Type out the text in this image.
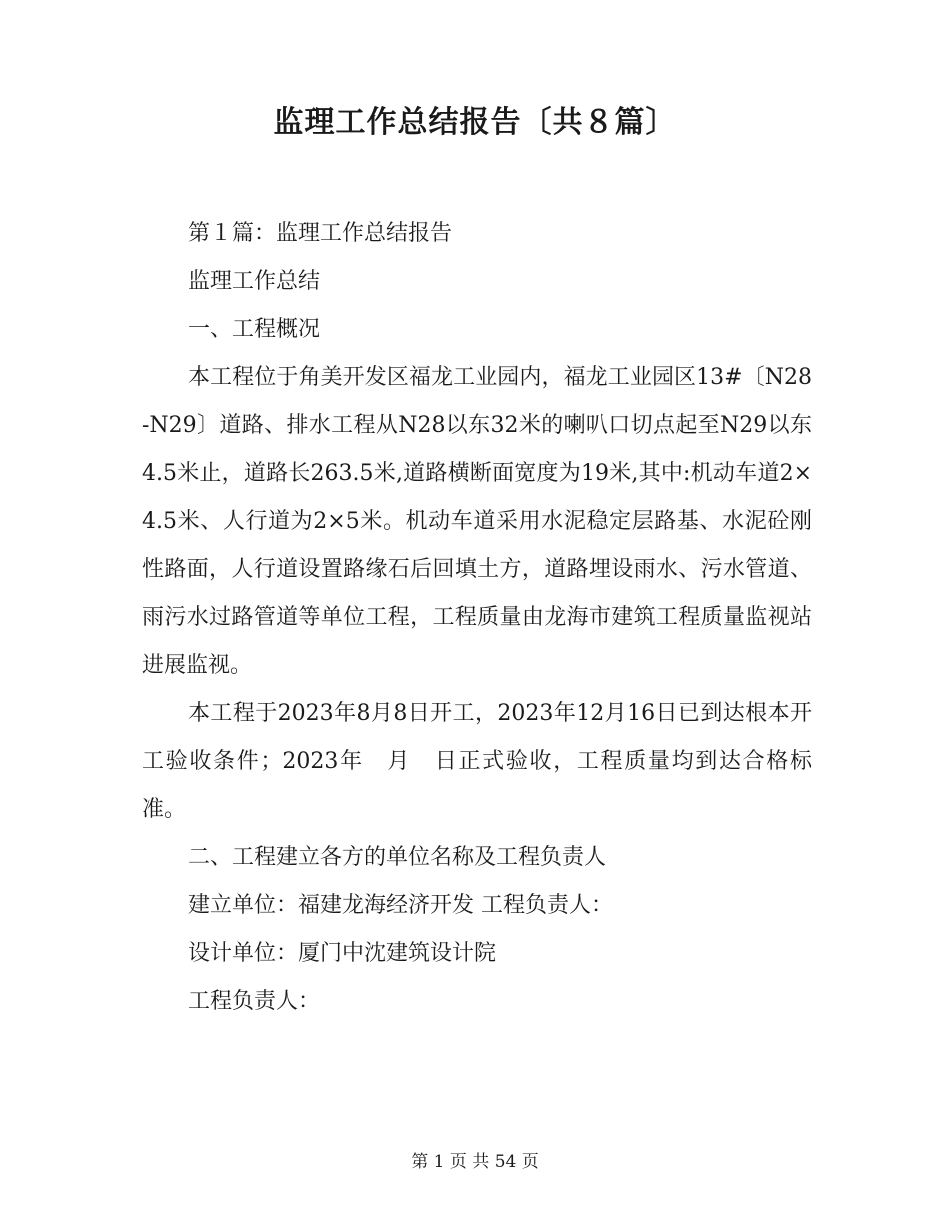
监理工作总结报告〔共８篇〕

第１篇：监理工作总结报告

监理工作总结

一、工程概况

本工程位于角美开发区福龙工业园内，福龙工业园区13#〔N28-N29〕道路、排水工程从N28以东32米的喇叭口切点起至N29以东4.5米止，道路长263.5米,道路横断面宽度为19米,其中:机动车道2×4.5米、人行道为2×5米。机动车道采用水泥稳定层路基、水泥砼刚性路面，人行道设置路缘石后回填土方，道路埋设雨水、污水管道、雨污水过路管道等单位工程，工程质量由龙海市建筑工程质量监视站进展监视。

本工程于2023年8月8日开工，2023年12月16日已到达根本开工验收条件；2023年　月　日正式验收，工程质量均到达合格标准。

二、工程建立各方的单位名称及工程负责人

建立单位：福建龙海经济开发 工程负责人：

设计单位：厦门中沈建筑设计院

工程负责人：

第 1 页 共 54 页
